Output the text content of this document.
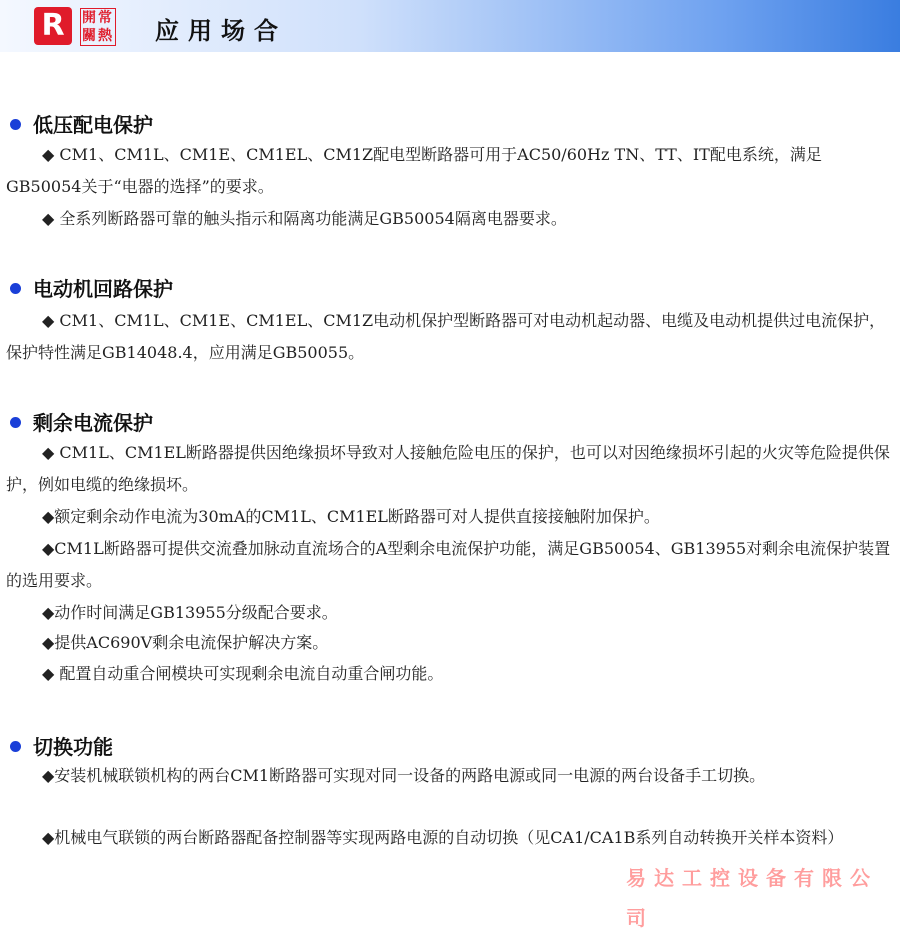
R	開常
關熱 应用场合
低压配电保护
◆ CM1、CM1L、CM1E、CM1EL、CM1Z配电型断路器可用于AC50/60Hz TN、TT、IT配电系统，满足GB50054关于“电器的选择”的要求。
◆ 全系列断路器可靠的触头指示和隔离功能满足GB50054隔离电器要求。
电动机回路保护
◆ CM1、CM1L、CM1E、CM1EL、CM1Z电动机保护型断路器可对电动机起动器、电缆及电动机提供过电流保护，保护特性满足GB14048.4，应用满足GB50055。
剩余电流保护
◆ CM1L、CM1EL断路器提供因绝缘损坏导致对人接触危险电压的保护，也可以对因绝缘损坏引起的火灾等危险提供保护，例如电缆的绝缘损坏。
◆额定剩余动作电流为30mA的CM1L、CM1EL断路器可对人提供直接接触附加保护。
◆CM1L断路器可提供交流叠加脉动直流场合的A型剩余电流保护功能，满足GB50054、GB13955对剩余电流保护装置的选用要求。
◆动作时间满足GB13955分级配合要求。
◆提供AC690V剩余电流保护解决方案。
◆ 配置自动重合闸模块可实现剩余电流自动重合闸功能。
切换功能
◆安装机械联锁机构的两台CM1断路器可实现对同一设备的两路电源或同一电源的两台设备手工切换。
◆机械电气联锁的两台断路器配备控制器等实现两路电源的自动切换（见CA1/CA1B系列自动转换开关样本资料）
易达工控设备有限公司
